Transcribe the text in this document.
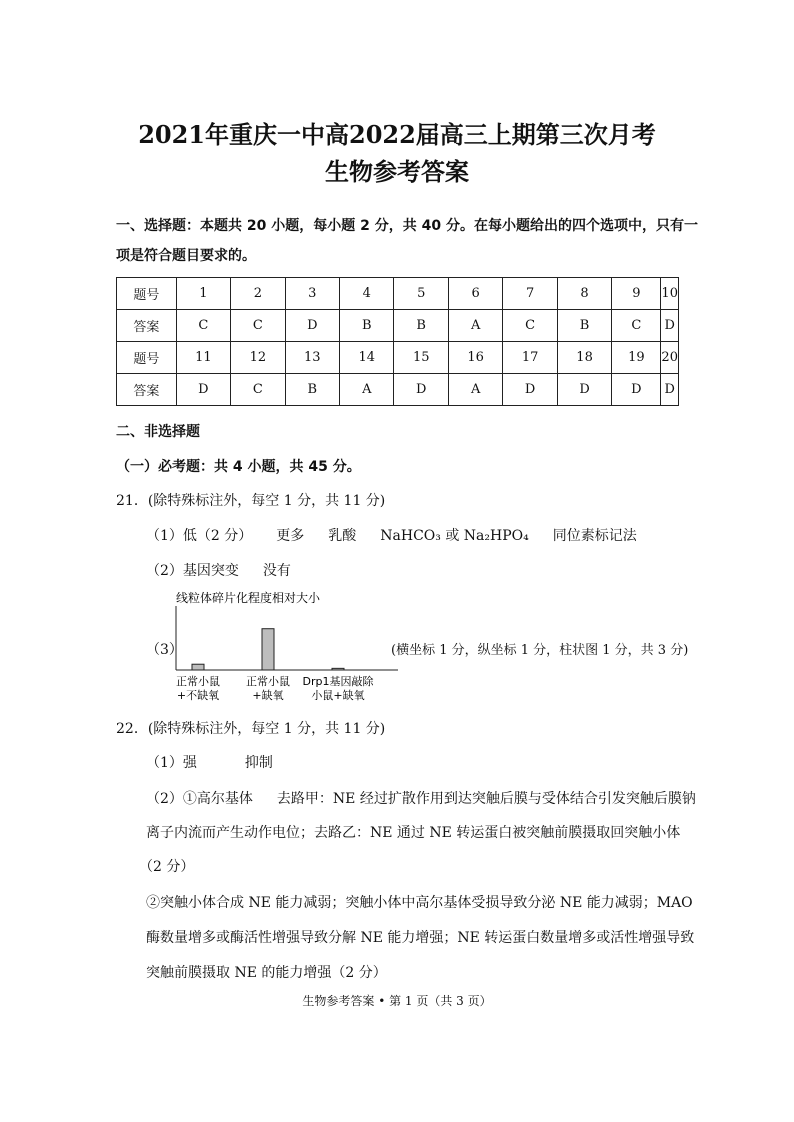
2021年重庆一中高2022届高三上期第三次月考
生物参考答案
一、选择题：本题共 20 小题，每小题 2 分，共 40 分。在每小题给出的四个选项中，只有一
项是符合题目要求的。
题号	1	2	3	4	5	6	7	8	9	10
答案	C	C	D	B	B	A	C	B	C	D
题号	11	12	13	14	15	16	17	18	19	20
答案	D	C	B	A	D	A	D	D	D	D
二、非选择题
（一）必考题：共 4 小题，共 45 分。
21．(除特殊标注外，每空 1 分，共 11 分)
（1）低（2 分） 更多 乳酸 NaHCO₃ 或 Na₂HPO₄ 同位素标记法
（2）基因突变 没有
（3）	(横坐标 1 分，纵坐标 1 分，柱状图 1 分，共 3 分)
线粒体碎片化程度相对大小
正常小鼠
+不缺氧
正常小鼠
+缺氧
Drp1基因敲除
小鼠+缺氧
22．(除特殊标注外，每空 1 分，共 11 分)
（1）强	抑制
（2）①高尔基体 去路甲：NE 经过扩散作用到达突触后膜与受体结合引发突触后膜钠
离子内流而产生动作电位；去路乙：NE 通过 NE 转运蛋白被突触前膜摄取回突触小体
（2 分）
②突触小体合成 NE 能力减弱；突触小体中高尔基体受损导致分泌 NE 能力减弱；MAO
酶数量增多或酶活性增强导致分解 NE 能力增强；NE 转运蛋白数量增多或活性增强导致
突触前膜摄取 NE 的能力增强（2 分）
生物参考答案 • 第 1 页（共 3 页）
